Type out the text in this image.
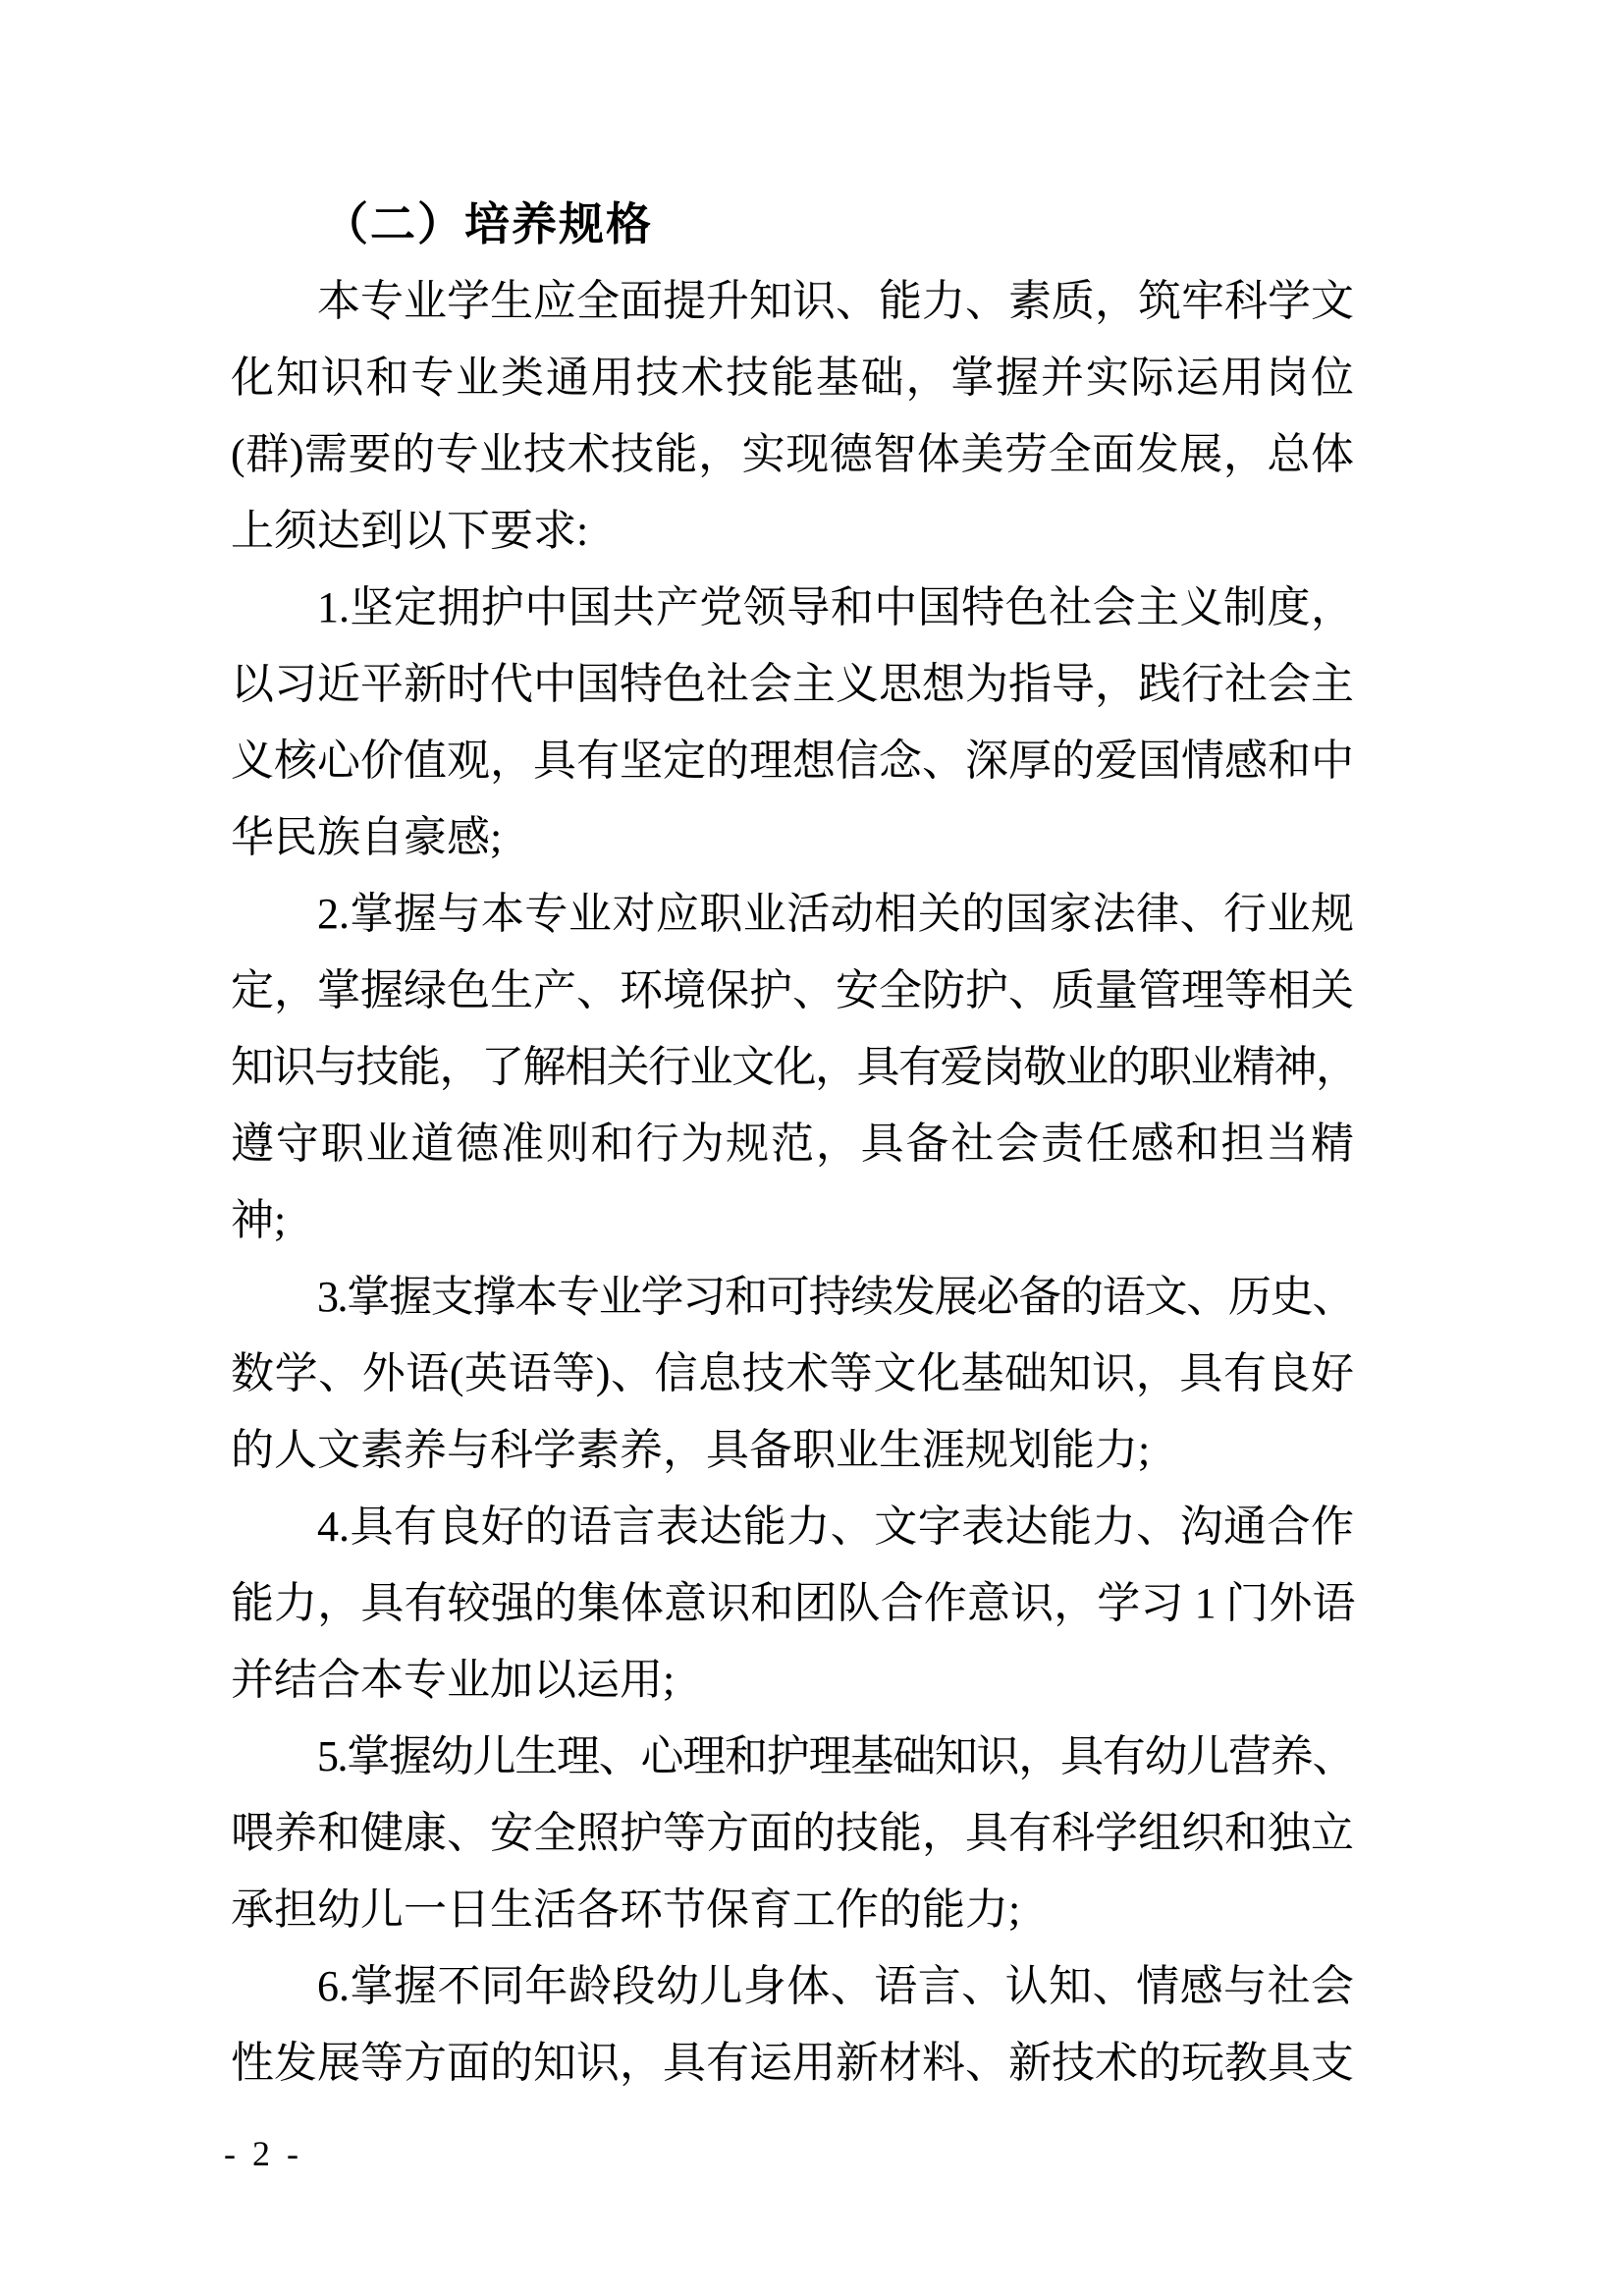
（二）培养规格
本专业学生应全面提升知识、能力、素质，筑牢科学文
化知识和专业类通用技术技能基础，掌握并实际运用岗位
(群)需要的专业技术技能，实现德智体美劳全面发展，总体
上须达到以下要求:
1.坚定拥护中国共产党领导和中国特色社会主义制度，
以习近平新时代中国特色社会主义思想为指导，践行社会主
义核心价值观，具有坚定的理想信念、深厚的爱国情感和中
华民族自豪感;
2.掌握与本专业对应职业活动相关的国家法律、行业规
定，掌握绿色生产、环境保护、安全防护、质量管理等相关
知识与技能，了解相关行业文化，具有爱岗敬业的职业精神，
遵守职业道德准则和行为规范，具备社会责任感和担当精
神;
3.掌握支撑本专业学习和可持续发展必备的语文、历史、
数学、外语(英语等)、信息技术等文化基础知识，具有良好
的人文素养与科学素养，具备职业生涯规划能力;
4.具有良好的语言表达能力、文字表达能力、沟通合作
能力，具有较强的集体意识和团队合作意识，学习 1 门外语
并结合本专业加以运用;
5.掌握幼儿生理、心理和护理基础知识，具有幼儿营养、
喂养和健康、安全照护等方面的技能，具有科学组织和独立
承担幼儿一日生活各环节保育工作的能力;
6.掌握不同年龄段幼儿身体、语言、认知、情感与社会
性发展等方面的知识，具有运用新材料、新技术的玩教具支
- 2 -
